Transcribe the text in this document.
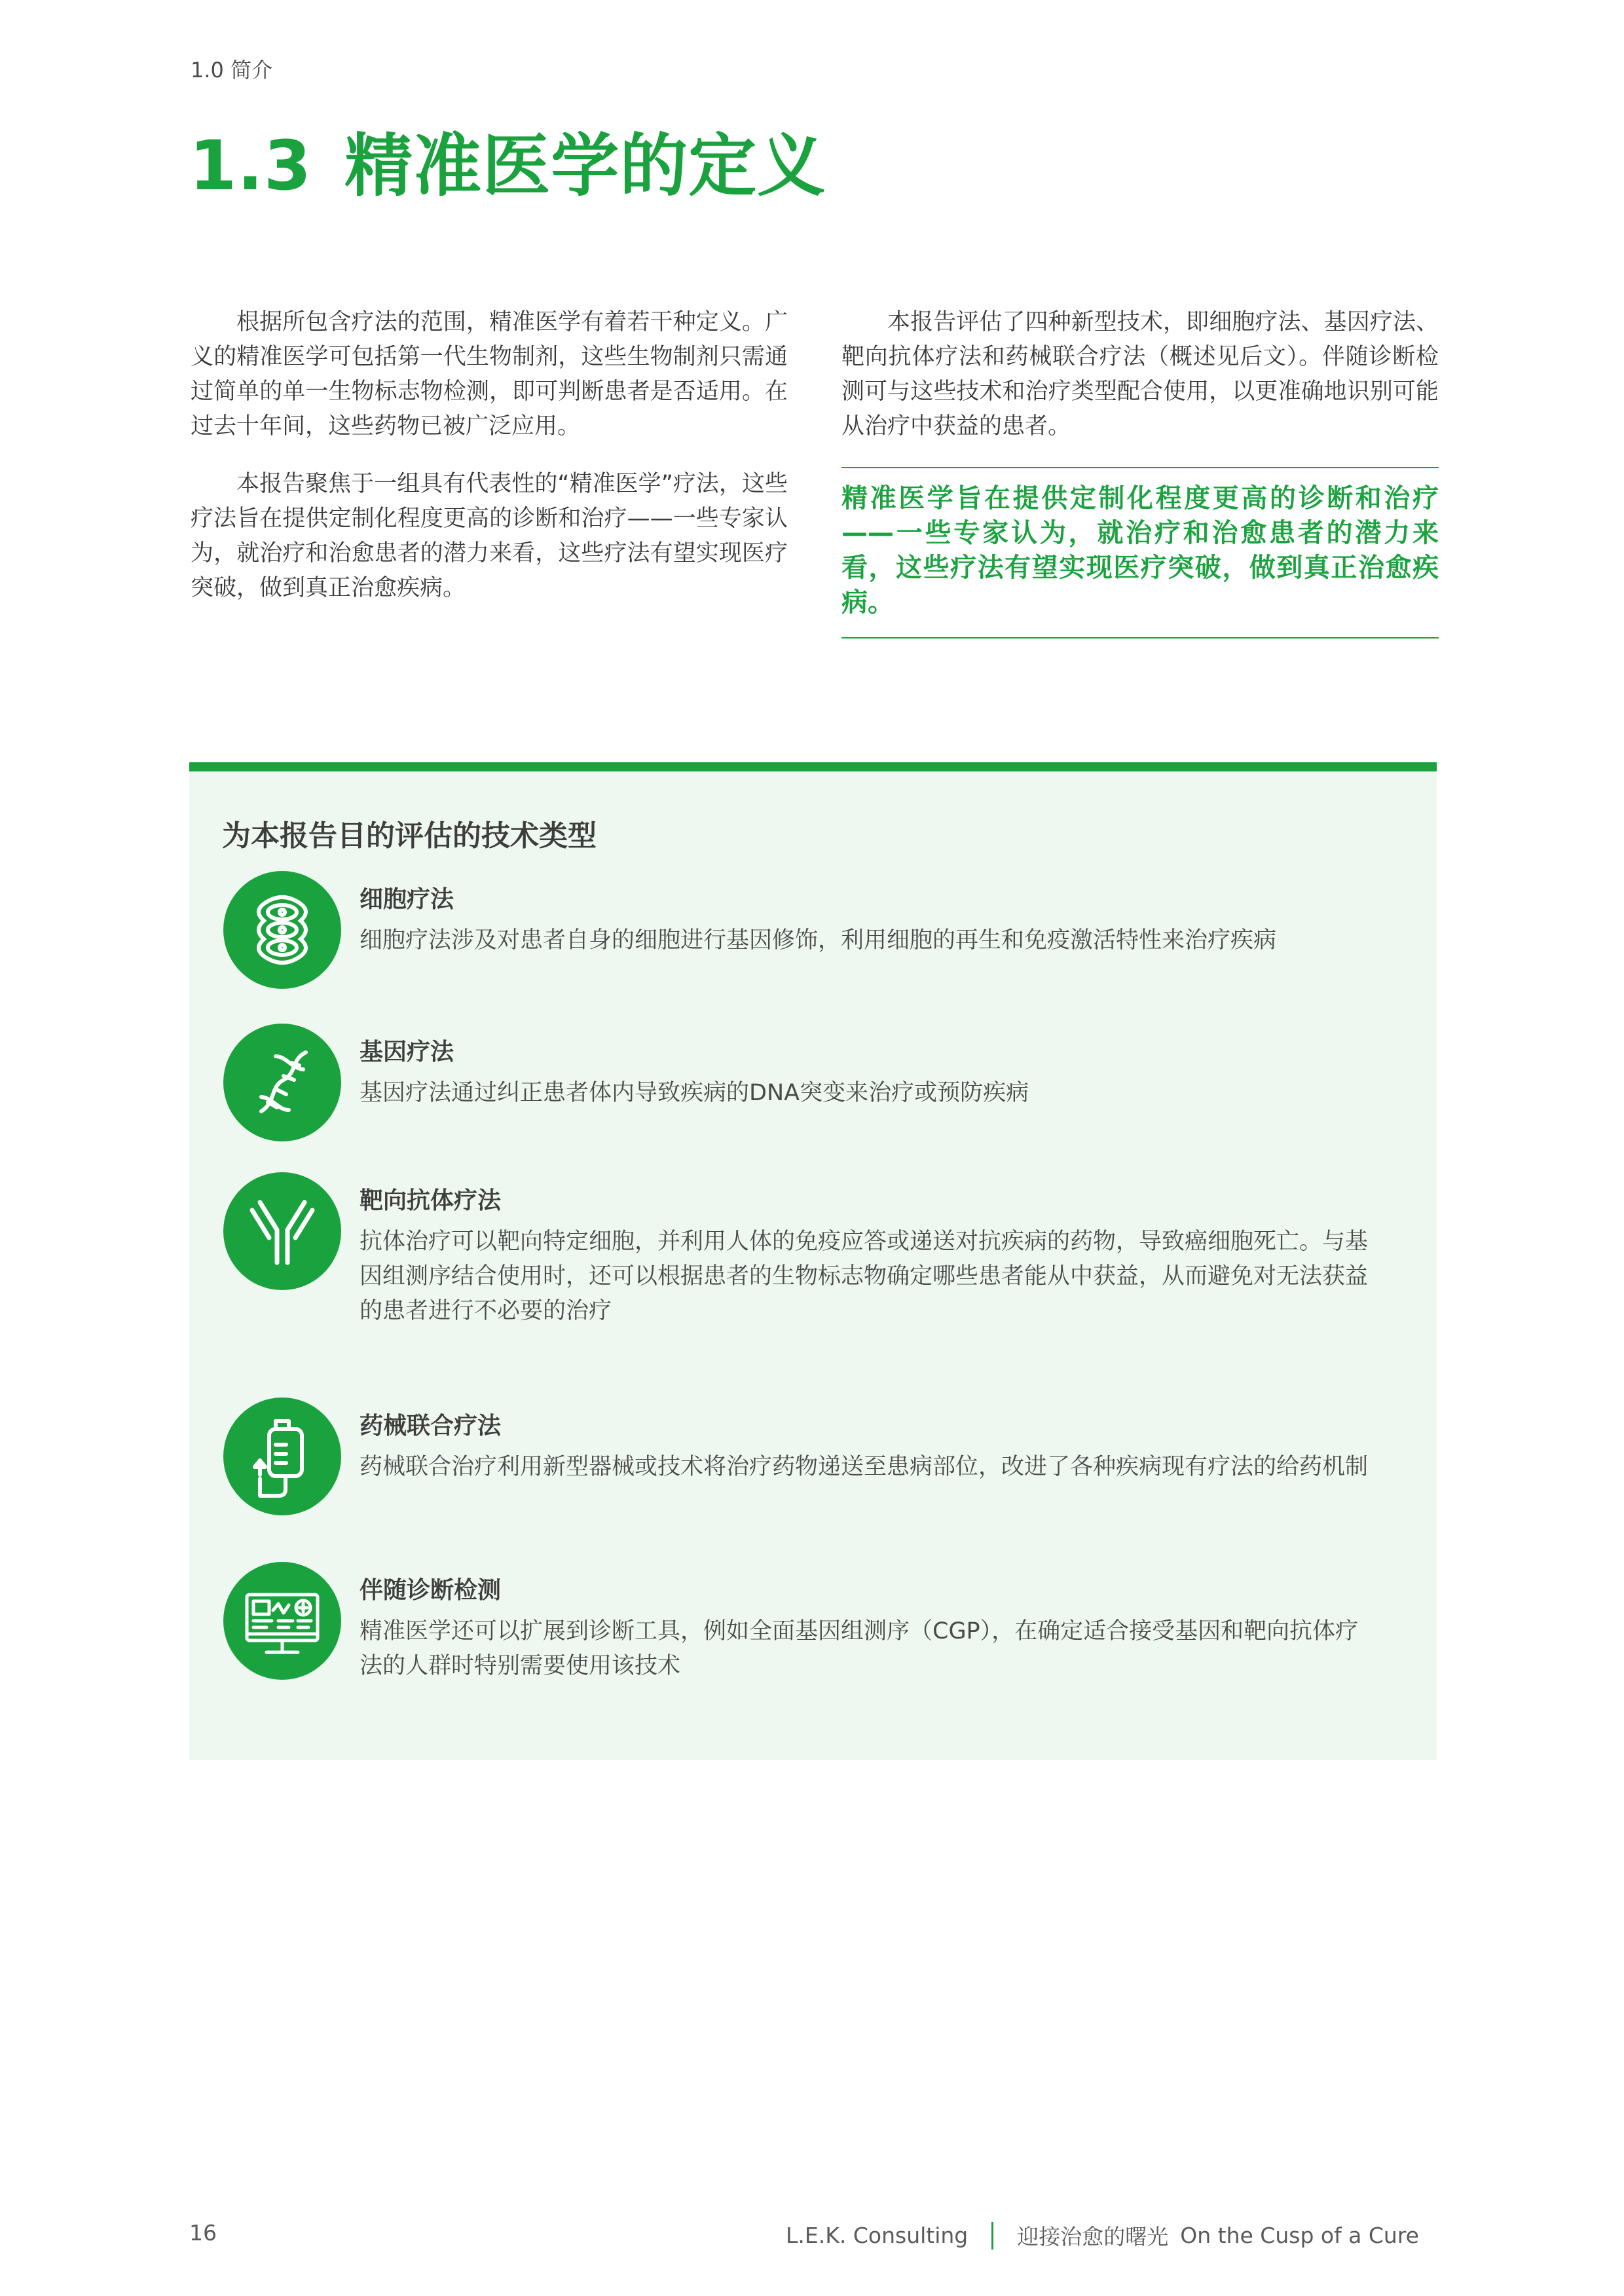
1.0 简介
1.3 精准医学的定义

根据所包含疗法的范围，精准医学有着若干种定义。广义的精准医学可包括第一代生物制剂，这些生物制剂只需通过简单的单一生物标志物检测，即可判断患者是否适用。在过去十年间，这些药物已被广泛应用。

本报告聚焦于一组具有代表性的“精准医学”疗法，这些疗法旨在提供定制化程度更高的诊断和治疗——一些专家认为，就治疗和治愈患者的潜力来看，这些疗法有望实现医疗突破，做到真正治愈疾病。

本报告评估了四种新型技术，即细胞疗法、基因疗法、靶向抗体疗法和药械联合疗法（概述见后文）。伴随诊断检测可与这些技术和治疗类型配合使用，以更准确地识别可能从治疗中获益的患者。

精准医学旨在提供定制化程度更高的诊断和治疗——一些专家认为，就治疗和治愈患者的潜力来看，这些疗法有望实现医疗突破，做到真正治愈疾病。
为本报告目的评估的技术类型
细胞疗法
细胞疗法涉及对患者自身的细胞进行基因修饰，利用细胞的再生和免疫激活特性来治疗疾病
基因疗法
基因疗法通过纠正患者体内导致疾病的DNA突变来治疗或预防疾病
靶向抗体疗法
抗体治疗可以靶向特定细胞，并利用人体的免疫应答或递送对抗疾病的药物，导致癌细胞死亡。与基因组测序结合使用时，还可以根据患者的生物标志物确定哪些患者能从中获益，从而避免对无法获益的患者进行不必要的治疗
药械联合疗法
药械联合治疗利用新型器械或技术将治疗药物递送至患病部位，改进了各种疾病现有疗法的给药机制
伴随诊断检测
精准医学还可以扩展到诊断工具，例如全面基因组测序（CGP），在确定适合接受基因和靶向抗体疗法的人群时特别需要使用该技术
16	L.E.K. Consulting 迎接治愈的曙光 On the Cusp of a Cure
